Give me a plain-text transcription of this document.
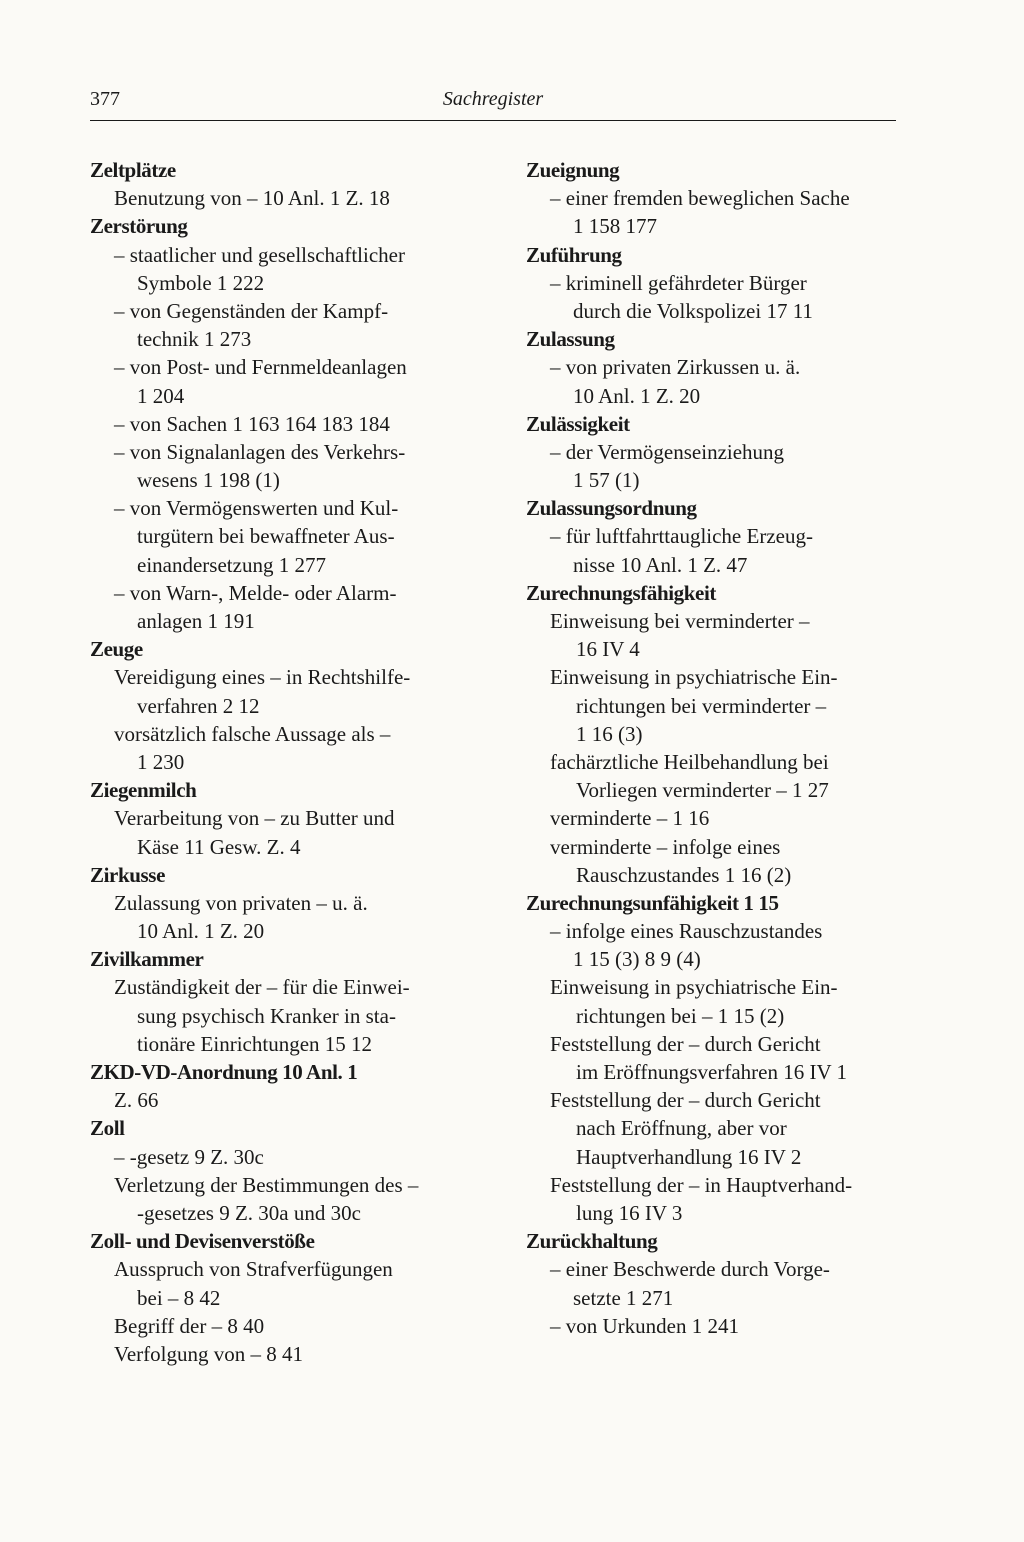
377	Sachregister
Zeltplätze
Benutzung von – 10 Anl. 1 Z. 18
Zerstörung
– staatlicher und gesellschaftlicher
Symbole 1 222
– von Gegenständen der Kampf-
technik 1 273
– von Post- und Fernmeldeanlagen
1 204
– von Sachen 1 163 164 183 184
– von Signalanlagen des Verkehrs-
wesens 1 198 (1)
– von Vermögenswerten und Kul-
turgütern bei bewaffneter Aus-
einandersetzung 1 277
– von Warn-, Melde- oder Alarm-
anlagen 1 191
Zeuge
Vereidigung eines – in Rechtshilfe-
verfahren 2 12
vorsätzlich falsche Aussage als –
1 230
Ziegenmilch
Verarbeitung von – zu Butter und
Käse 11 Gesw. Z. 4
Zirkusse
Zulassung von privaten – u. ä.
10 Anl. 1 Z. 20
Zivilkammer
Zuständigkeit der – für die Einwei-
sung psychisch Kranker in sta-
tionäre Einrichtungen 15 12
ZKD-VD-Anordnung 10 Anl. 1
Z. 66
Zoll
– -gesetz 9 Z. 30c
Verletzung der Bestimmungen des –
-gesetzes 9 Z. 30a und 30c
Zoll- und Devisenverstöße
Ausspruch von Strafverfügungen
bei – 8 42
Begriff der – 8 40
Verfolgung von – 8 41
Zueignung
– einer fremden beweglichen Sache
1 158 177
Zuführung
– kriminell gefährdeter Bürger
durch die Volkspolizei 17 11
Zulassung
– von privaten Zirkussen u. ä.
10 Anl. 1 Z. 20
Zulässigkeit
– der Vermögenseinziehung
1 57 (1)
Zulassungsordnung
– für luftfahrttaugliche Erzeug-
nisse 10 Anl. 1 Z. 47
Zurechnungsfähigkeit
Einweisung bei verminderter –
16 IV 4
Einweisung in psychiatrische Ein-
richtungen bei verminderter –
1 16 (3)
fachärztliche Heilbehandlung bei
Vorliegen verminderter – 1 27
verminderte – 1 16
verminderte – infolge eines
Rauschzustandes 1 16 (2)
Zurechnungsunfähigkeit 1 15
– infolge eines Rauschzustandes
1 15 (3) 8 9 (4)
Einweisung in psychiatrische Ein-
richtungen bei – 1 15 (2)
Feststellung der – durch Gericht
im Eröffnungsverfahren 16 IV 1
Feststellung der – durch Gericht
nach Eröffnung, aber vor
Hauptverhandlung 16 IV 2
Feststellung der – in Hauptverhand-
lung 16 IV 3
Zurückhaltung
– einer Beschwerde durch Vorge-
setzte 1 271
– von Urkunden 1 241
